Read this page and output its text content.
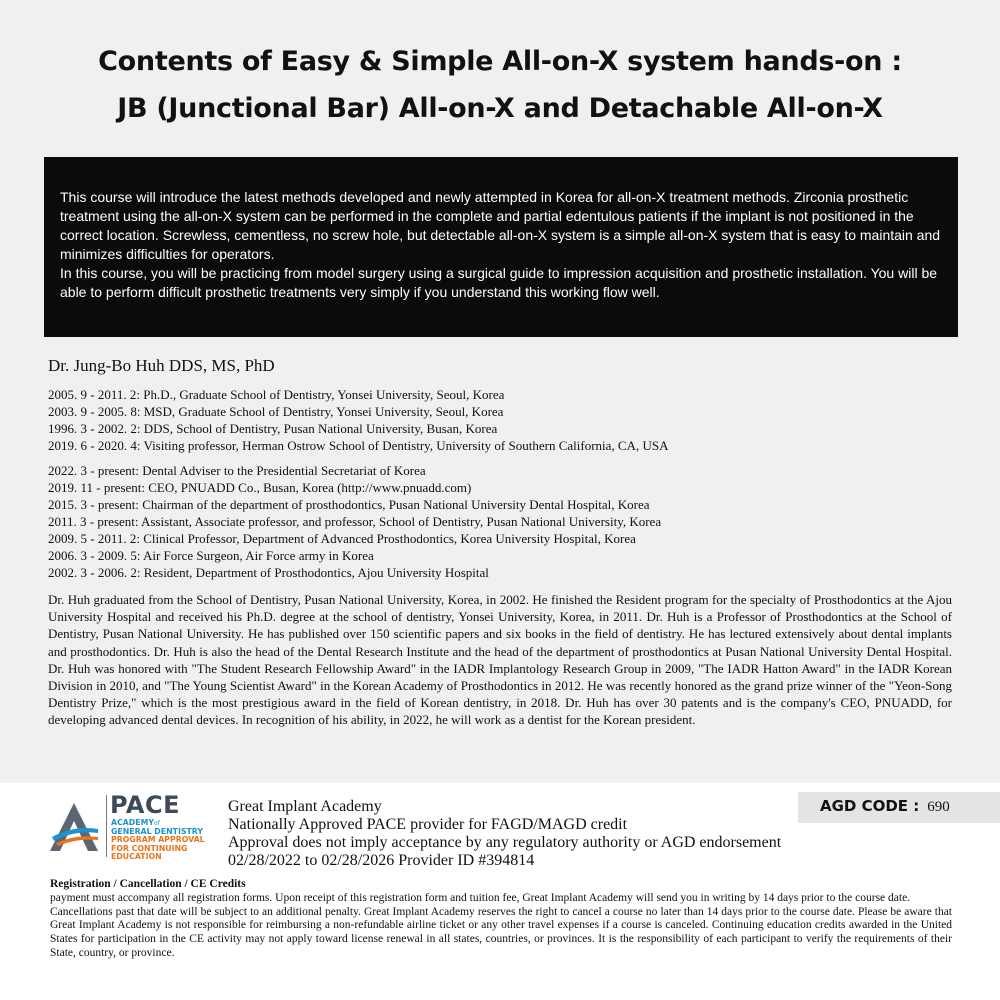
Contents of Easy & Simple All-on-X system hands-on :
JB (Junctional Bar) All-on-X and Detachable All-on-X

This course will introduce the latest methods developed and newly attempted in Korea for all-on-X treatment methods. Zirconia prosthetic treatment using the all-on-X system can be performed in the complete and partial edentulous patients if the implant is not positioned in the correct location. Screwless, cementless, no screw hole, but detectable all-on-X system is a simple all-on-X system that is easy to maintain and minimizes difficulties for operators.

In this course, you will be practicing from model surgery using a surgical guide to impression acquisition and prosthetic installation. You will be able to perform difficult prosthetic treatments very simply if you understand this working flow well.

Dr. Jung-Bo Huh DDS, MS, PhD
2005. 9 - 2011. 2: Ph.D., Graduate School of Dentistry, Yonsei University, Seoul, Korea
2003. 9 - 2005. 8: MSD, Graduate School of Dentistry, Yonsei University, Seoul, Korea
1996. 3 - 2002. 2: DDS, School of Dentistry, Pusan National University, Busan, Korea
2019. 6 - 2020. 4: Visiting professor, Herman Ostrow School of Dentistry, University of Southern California, CA, USA
2022. 3 - present: Dental Adviser to the Presidential Secretariat of Korea
2019. 11 - present: CEO, PNUADD Co., Busan, Korea (http://www.pnuadd.com)
2015. 3 - present: Chairman of the department of prosthodontics, Pusan National University Dental Hospital, Korea
2011. 3 - present: Assistant, Associate professor, and professor, School of Dentistry, Pusan National University, Korea
2009. 5 - 2011. 2: Clinical Professor, Department of Advanced Prosthodontics, Korea University Hospital, Korea
2006. 3 - 2009. 5: Air Force Surgeon, Air Force army in Korea
2002. 3 - 2006. 2: Resident, Department of Prosthodontics, Ajou University Hospital

Dr. Huh graduated from the School of Dentistry, Pusan National University, Korea, in 2002. He finished the Resident program for the specialty of Prosthodontics at the Ajou University Hospital and received his Ph.D. degree at the school of dentistry, Yonsei University, Korea, in 2011. Dr. Huh is a Professor of Prosthodontics at the School of Dentistry, Pusan National University. He has published over 150 scientific papers and six books in the field of dentistry. He has lectured extensively about dental implants and prosthodontics. Dr. Huh is also the head of the Dental Research Institute and the head of the department of prosthodontics at Pusan National University Dental Hospital. Dr. Huh was honored with "The Student Research Fellowship Award" in the IADR Implantology Research Group in 2009, "The IADR Hatton Award" in the IADR Korean Division in 2010, and "The Young Scientist Award" in the Korean Academy of Prosthodontics in 2012. He was recently honored as the grand prize winner of the "Yeon-Song Dentistry Prize," which is the most prestigious award in the field of Korean dentistry, in 2018. Dr. Huh has over 30 patents and is the company's CEO, PNUADD, for developing advanced dental devices. In recognition of his ability, in 2022, he will work as a dentist for the Korean president.

PACE
ACADEMYof
GENERAL DENTISTRY
PROGRAM APPROVAL
FOR CONTINUING
EDUCATION
Great Implant Academy
Nationally Approved PACE provider for FAGD/MAGD credit
Approval does not imply acceptance by any regulatory authority or AGD endorsement
02/28/2022 to 02/28/2026 Provider ID #394814
AGD CODE : 690
Registration / Cancellation / CE Credits

payment must accompany all registration forms. Upon receipt of this registration form and tuition fee, Great Implant Academy will send you in writing by 14 days prior to the course date.

Cancellations past that date will be subject to an additional penalty. Great Implant Academy reserves the right to cancel a course no later than 14 days prior to the course date. Please be aware that Great Implant Academy is not responsible for reimbursing a non-refundable airline ticket or any other travel expenses if a course is canceled. Continuing education credits awarded in the United States for participation in the CE activity may not apply toward license renewal in all states, countries, or provinces. It is the responsibility of each participant to verify the requirements of their State, country, or province.
